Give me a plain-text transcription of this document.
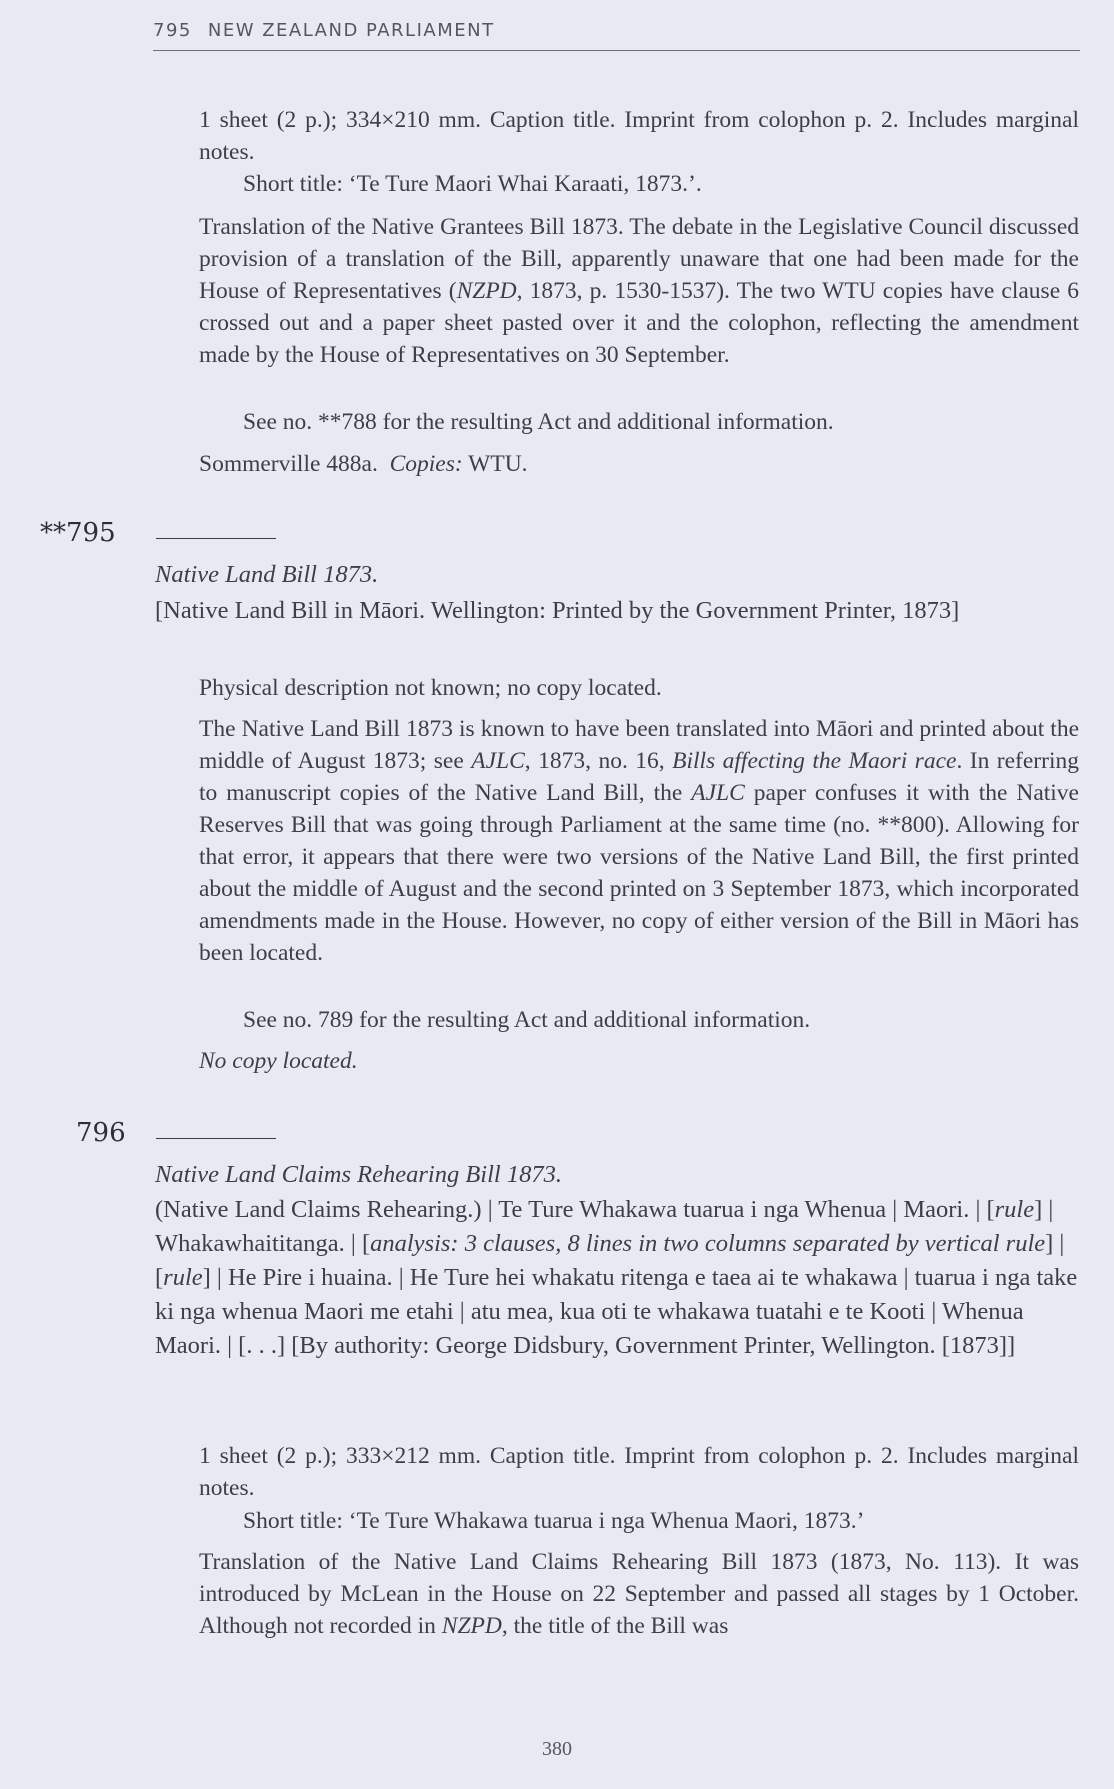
795 NEW ZEALAND PARLIAMENT

1 sheet (2 p.); 334×210 mm. Caption title. Imprint from colophon p. 2. Includes marginal notes.

Short title: ‘Te Ture Maori Whai Karaati, 1873.’.

Translation of the Native Grantees Bill 1873. The debate in the Legislative Council discussed provision of a translation of the Bill, apparently unaware that one had been made for the House of Representatives (NZPD, 1873, p. 1530-1537). The two WTU copies have clause 6 crossed out and a paper sheet pasted over it and the colophon, reflecting the amendment made by the House of Representatives on 30 September.

See no. **788 for the resulting Act and additional information.

Sommerville 488a. Copies: WTU.

**795

Native Land Bill 1873.

[Native Land Bill in Māori. Wellington: Printed by the Government Printer, 1873]

Physical description not known; no copy located.

The Native Land Bill 1873 is known to have been translated into Māori and printed about the middle of August 1873; see AJLC, 1873, no. 16, Bills affecting the Maori race. In referring to manuscript copies of the Native Land Bill, the AJLC paper confuses it with the Native Reserves Bill that was going through Parliament at the same time (no. **800). Allowing for that error, it appears that there were two versions of the Native Land Bill, the first printed about the middle of August and the second printed on 3 September 1873, which incorporated amendments made in the House. However, no copy of either version of the Bill in Māori has been located.

See no. 789 for the resulting Act and additional information.

No copy located.

796

Native Land Claims Rehearing Bill 1873.

(Native Land Claims Rehearing.) | Te Ture Whakawa tuarua i nga Whenua | Maori. | [rule] | Whakawhaititanga. | [analysis: 3 clauses, 8 lines in two columns separated by vertical rule] | [rule] | He Pire i huaina. | He Ture hei whakatu ritenga e taea ai te whakawa | tuarua i nga take ki nga whenua Maori me etahi | atu mea, kua oti te whakawa tuatahi e te Kooti | Whenua Maori. | [. . .] [By authority: George Didsbury, Government Printer, Wellington. [1873]]

1 sheet (2 p.); 333×212 mm. Caption title. Imprint from colophon p. 2. Includes marginal notes.

Short title: ‘Te Ture Whakawa tuarua i nga Whenua Maori, 1873.’

Translation of the Native Land Claims Rehearing Bill 1873 (1873, No. 113). It was introduced by McLean in the House on 22 September and passed all stages by 1 October. Although not recorded in NZPD, the title of the Bill was

380
